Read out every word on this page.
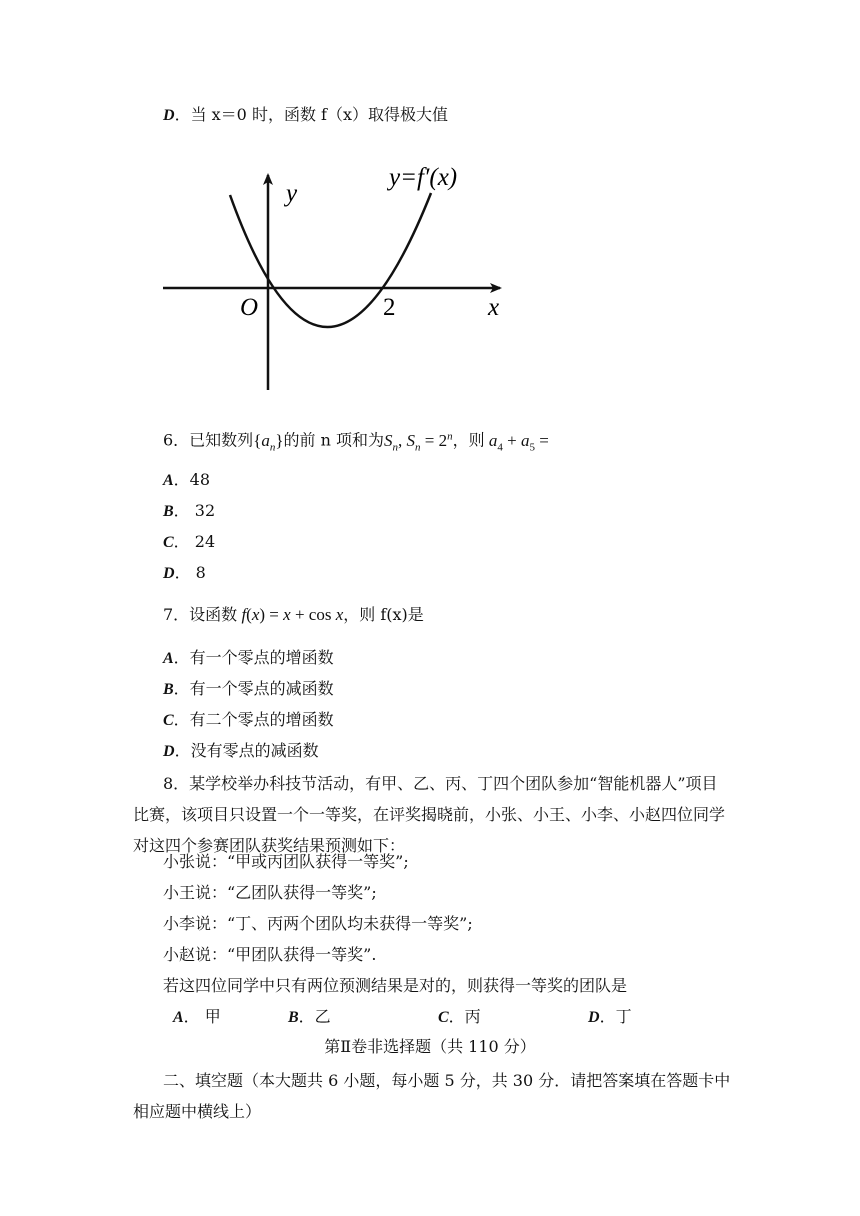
D．当 x＝0 时，函数 f（x）取得极大值
y=f′(x)
y
x
O	2
6．已知数列$\{a_n\}$的前 n 项和为$S_n$, $S_n = 2^n$，则 $a_4 + a_5$ =
A．48
B． 32
C． 24
D． 8
7．设函数 f(x) = x + cos x，则 f(x)是
A．有一个零点的增函数
B．有一个零点的减函数
C．有二个零点的增函数
D．没有零点的减函数
8．某学校举办科技节活动，有甲、乙、丙、丁四个团队参加“智能机器人”项目比赛，该项目只设置一个一等奖，在评奖揭晓前，小张、小王、小李、小赵四位同学对这四个参赛团队获奖结果预测如下：
小张说：“甲或丙团队获得一等奖”;
小王说：“乙团队获得一等奖”;
小李说：“丁、丙两个团队均未获得一等奖”;
小赵说：“甲团队获得一等奖”.
若这四位同学中只有两位预测结果是对的，则获得一等奖的团队是
A． 甲	B．乙	C．丙	D．丁
第Ⅱ卷非选择题（共 110 分）
二、填空题（本大题共 6 小题，每小题 5 分，共 30 分．请把答案填在答题卡中相应题中横线上）
